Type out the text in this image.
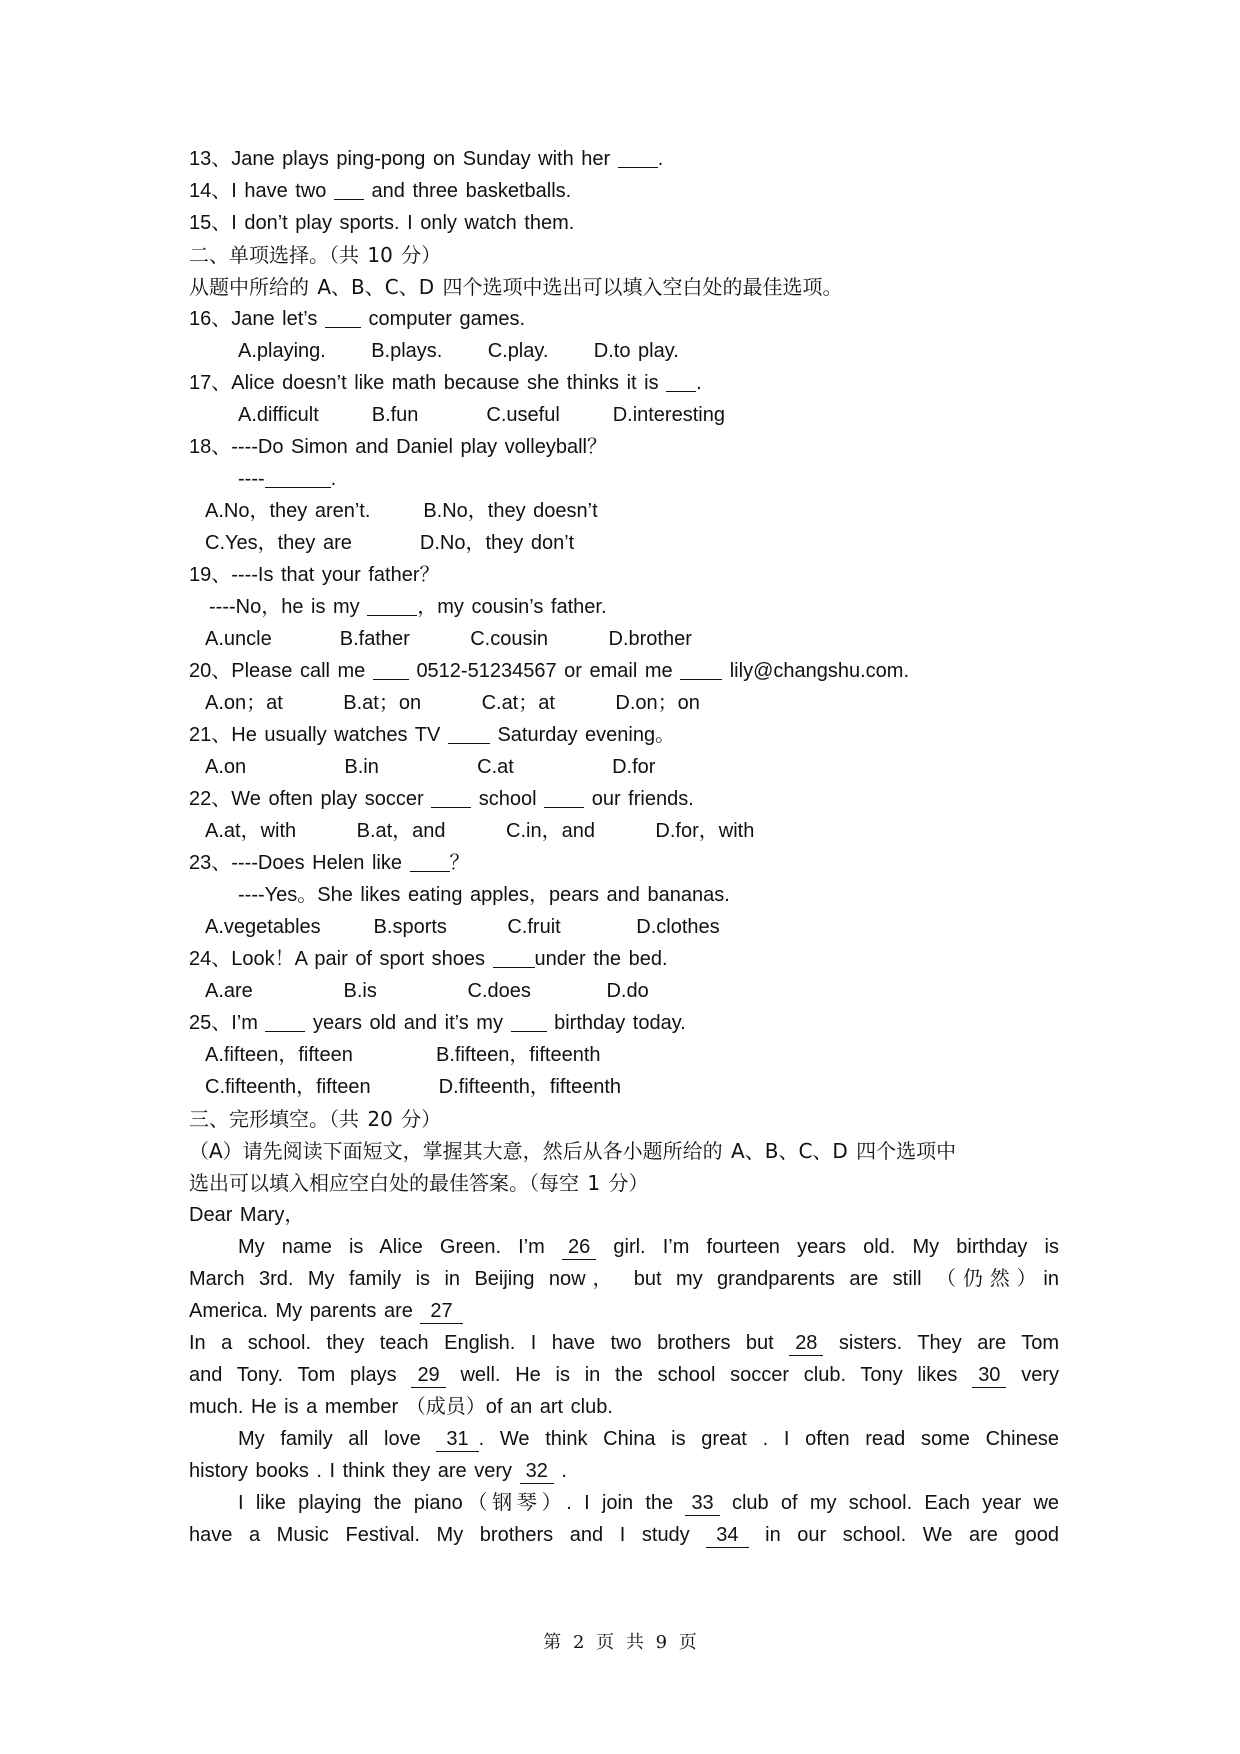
13、Jane plays ping-pong on Sunday with her .
14、I have two and three basketballs.
15、I don’t play sports. I only watch them.
二、单项选择。（共 10 分）
从题中所给的 A、B、C、D 四个选项中选出可以填入空白处的最佳选项。
16、Jane let’s	computer games.
A.playing. B.plays. C.play. D.to play.
17、Alice doesn’t like math because she thinks it is .
A.difficult	B.fun	C.useful	D.interesting
18、----Do Simon and Daniel play volleyball？
----	.
A.No，they aren’t.	B.No，they doesn’t
C.Yes，they are	D.No，they don’t
19、----Is that your father？
----No，he is my	，my cousin’s father.
A.uncle	B.father	C.cousin	D.brother
20、Please call me	0512-51234567 or email me	lily@changshu.com.
A.on；at	B.at；on	C.at；at	D.on；on
21、He usually watches TV	Saturday evening。
A.on	B.in	C.at	D.for
22、We often play soccer	school	our friends.
A.at，with	B.at，and	C.in，and	D.for，with
23、----Does Helen like ？
----Yes。She likes eating apples，pears and bananas.
A.vegetables	B.sports	C.fruit	D.clothes
24、Look！A pair of sport shoes under the bed.
A.are	B.is	C.does	D.do
25、I’m	years old and it’s my	birthday today.
A.fifteen，fifteen	B.fifteen，fifteenth
C.fifteenth，fifteen	D.fifteenth，fifteenth
三、完形填空。（共 20 分）
（A）请先阅读下面短文，掌握其大意，然后从各小题所给的 A、B、C、D 四个选项中
选出可以填入相应空白处的最佳答案。（每空 1 分）
Dear Mary，
My name is Alice Green. I’m 26 girl. I’m fourteen years old. My birthday is
March 3rd. My family is in Beijing now， but my grandparents are still （仍然）in
America. My parents are 27
In a school. they teach English. I have two brothers but 28 sisters. They are Tom
and Tony. Tom plays 29 well. He is in the school soccer club. Tony likes 30 very
much. He is a member （成员）of an art club.
My family all love 31 . We think China is great . I often read some Chinese
history books . I think they are very 32 .
I like playing the piano（钢琴）. I join the 33 club of my school. Each year we
have a Music Festival. My brothers and I study 34 in our school. We are good
第 2 页 共 9 页
